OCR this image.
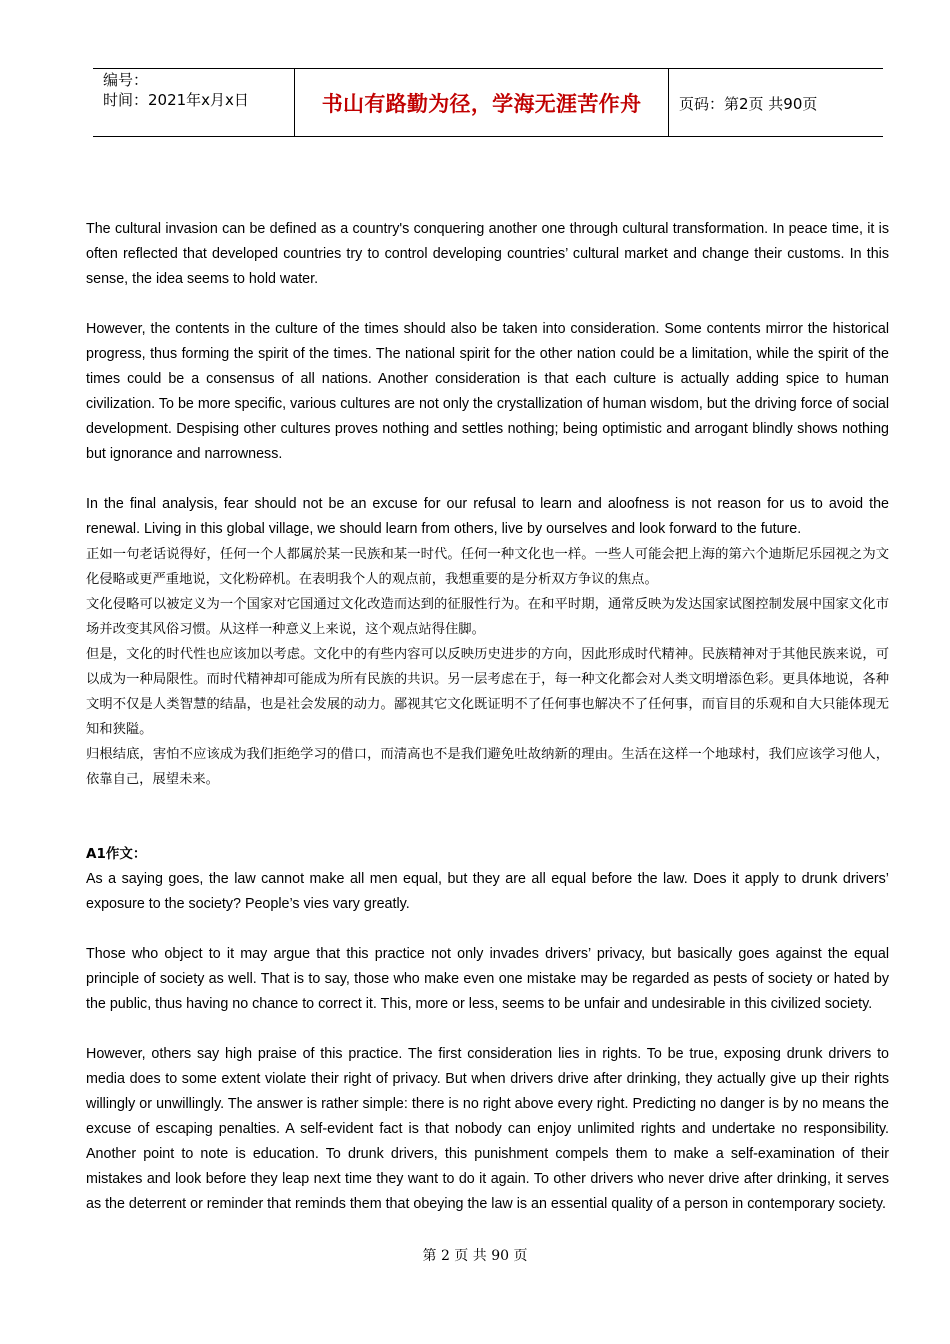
编号：
时间：2021年x月x日	书山有路勤为径，学海无涯苦作舟	页码：第2页 共90页

The cultural invasion can be defined as a country's conquering another one through cultural transformation. In peace time, it is often reflected that developed countries try to control developing countries’ cultural market and change their customs. In this sense, the idea seems to hold water.

However, the contents in the culture of the times should also be taken into consideration. Some contents mirror the historical progress, thus forming the spirit of the times. The national spirit for the other nation could be a limitation, while the spirit of the times could be a consensus of all nations. Another consideration is that each culture is actually adding spice to human civilization. To be more specific, various cultures are not only the crystallization of human wisdom, but the driving force of social development. Despising other cultures proves nothing and settles nothing; being optimistic and arrogant blindly shows nothing but ignorance and narrowness.

In the final analysis, fear should not be an excuse for our refusal to learn and aloofness is not reason for us to avoid the renewal. Living in this global village, we should learn from others, live by ourselves and look forward to the future.

正如一句老话说得好，任何一个人都属於某一民族和某一时代。任何一种文化也一样。一些人可能会把上海的第六个迪斯尼乐园视之为文化侵略或更严重地说，文化粉碎机。在表明我个人的观点前，我想重要的是分析双方争议的焦点。

文化侵略可以被定义为一个国家对它国通过文化改造而达到的征服性行为。在和平时期，通常反映为发达国家试图控制发展中国家文化市场并改变其风俗习惯。从这样一种意义上来说，这个观点站得住脚。

但是，文化的时代性也应该加以考虑。文化中的有些内容可以反映历史进步的方向，因此形成时代精神。民族精神对于其他民族来说，可以成为一种局限性。而时代精神却可能成为所有民族的共识。另一层考虑在于，每一种文化都会对人类文明增添色彩。更具体地说，各种文明不仅是人类智慧的结晶，也是社会发展的动力。鄙视其它文化既证明不了任何事也解决不了任何事，而盲目的乐观和自大只能体现无知和狭隘。

归根结底，害怕不应该成为我们拒绝学习的借口，而清高也不是我们避免吐故纳新的理由。生活在这样一个地球村，我们应该学习他人，依靠自己，展望未来。

A1作文：

As a saying goes, the law cannot make all men equal, but they are all equal before the law. Does it apply to drunk drivers’ exposure to the society? People’s vies vary greatly.

Those who object to it may argue that this practice not only invades drivers’ privacy, but basically goes against the equal principle of society as well. That is to say, those who make even one mistake may be regarded as pests of society or hated by the public, thus having no chance to correct it. This, more or less, seems to be unfair and undesirable in this civilized society.

However, others say high praise of this practice. The first consideration lies in rights. To be true, exposing drunk drivers to media does to some extent violate their right of privacy. But when drivers drive after drinking, they actually give up their rights willingly or unwillingly. The answer is rather simple: there is no right above every right. Predicting no danger is by no means the excuse of escaping penalties. A self-evident fact is that nobody can enjoy unlimited rights and undertake no responsibility. Another point to note is education. To drunk drivers, this punishment compels them to make a self-examination of their mistakes and look before they leap next time they want to do it again. To other drivers who never drive after drinking, it serves as the deterrent or reminder that reminds them that obeying the law is an essential quality of a person in contemporary society.

第 2 页 共 90 页
